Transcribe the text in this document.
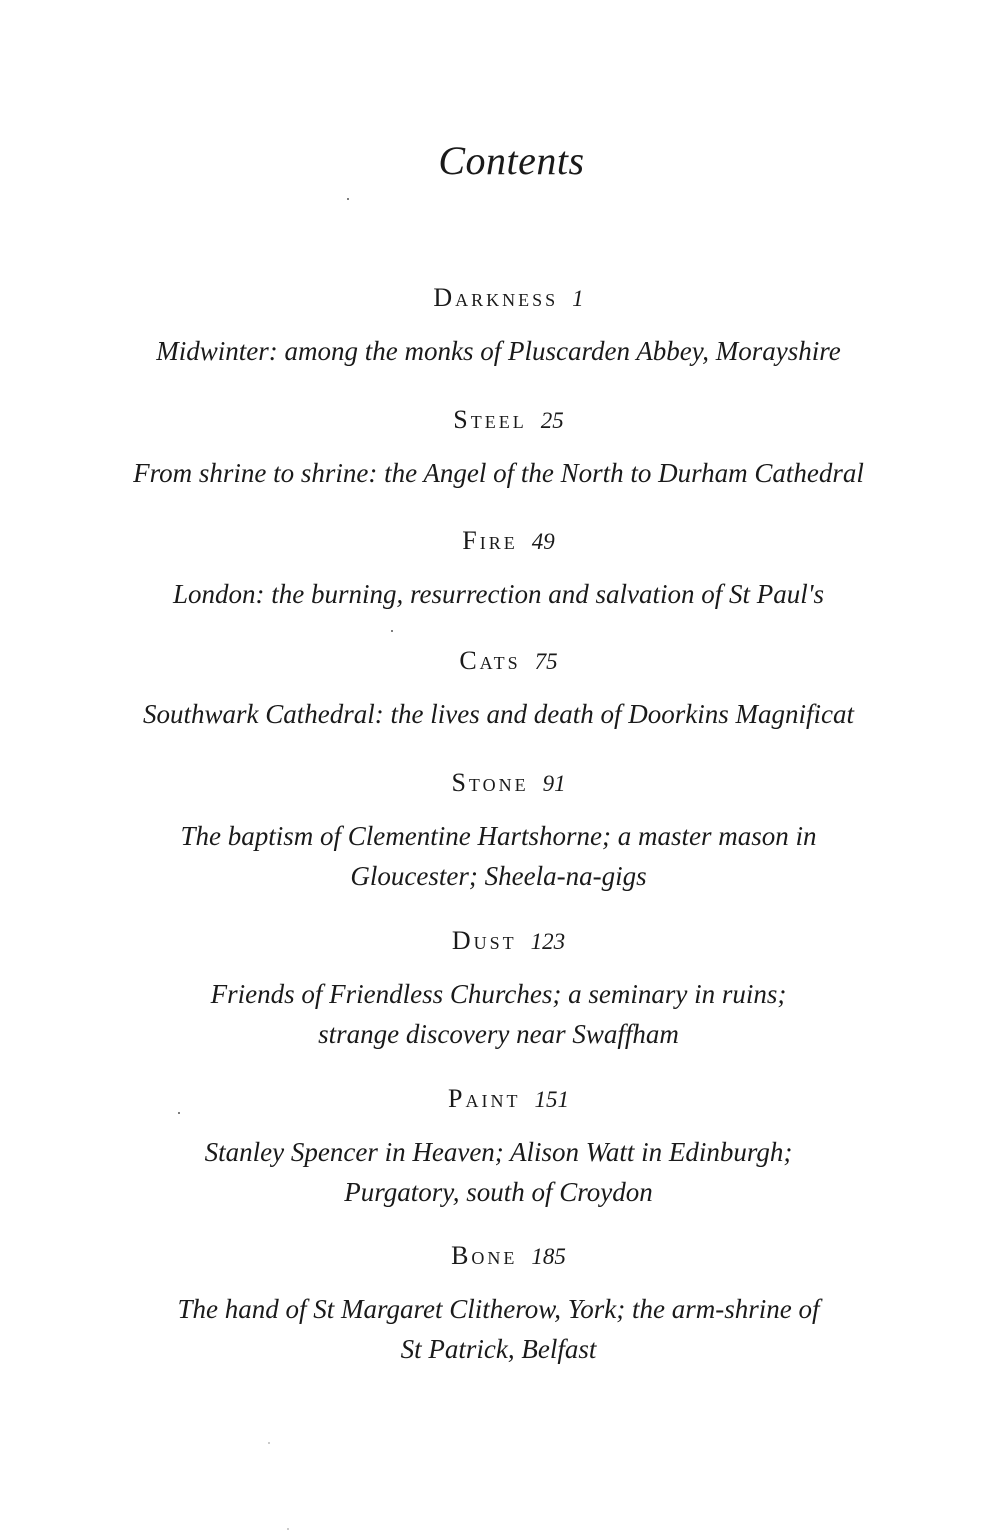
Contents
Darkness 1
Midwinter: among the monks of Pluscarden Abbey, Morayshire
Steel 25
From shrine to shrine: the Angel of the North to Durham Cathedral
Fire 49
London: the burning, resurrection and salvation of St Paul's
Cats 75
Southwark Cathedral: the lives and death of Doorkins Magnificat
Stone 91
The baptism of Clementine Hartshorne; a master mason in
Gloucester; Sheela-na-gigs
Dust 123
Friends of Friendless Churches; a seminary in ruins;
strange discovery near Swaffham
Paint 151
Stanley Spencer in Heaven; Alison Watt in Edinburgh;
Purgatory, south of Croydon
Bone 185
The hand of St Margaret Clitherow, York; the arm-shrine of
St Patrick, Belfast
